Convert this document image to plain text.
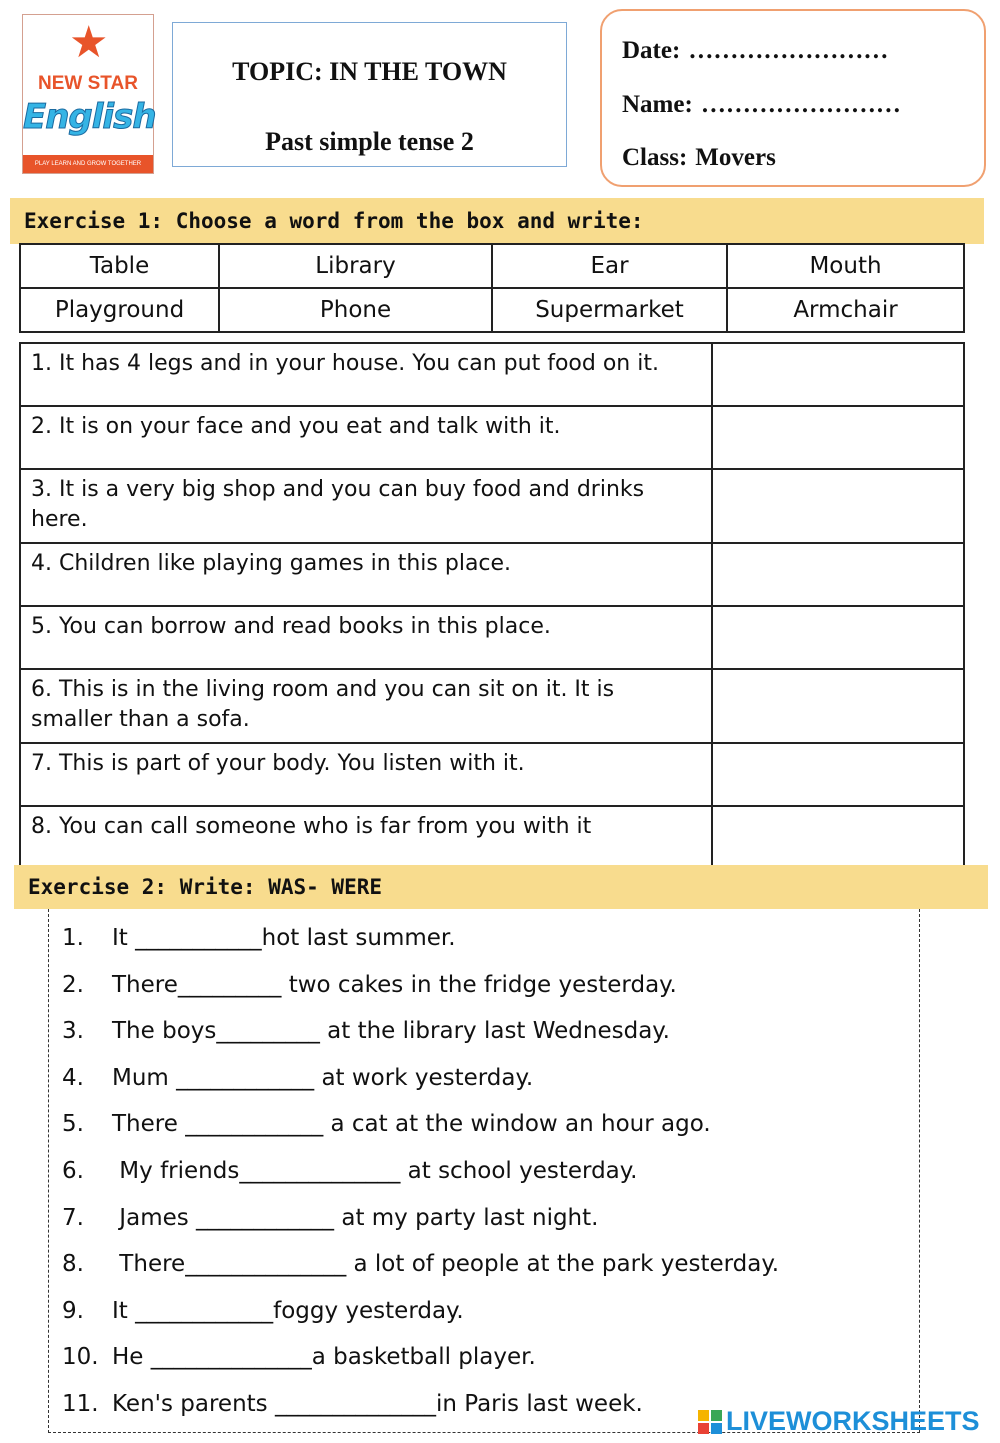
★
NEW STAR
English
PLAY LEARN AND GROW TOGETHER
TOPIC: IN THE TOWN
Past simple tense 2
Date: ……………………
Name: ……………………
Class: Movers
Exercise 1: Choose a word from the box and write:
Table	Library	Ear	Mouth
Playground	Phone	Supermarket	Armchair
1. It has 4 legs and in your house. You can put food on it.	
2. It is on your face and you eat and talk with it.	
3. It is a very big shop and you can buy food and drinks here.	
4. Children like playing games in this place.	
5. You can borrow and read books in this place.	
6. This is in the living room and you can sit on it. It is smaller than a sofa.	
7. This is part of your body. You listen with it.	
8. You can call someone who is far from you with it	
Exercise 2: Write: WAS- WERE
1. It ___________hot last summer.
2. There_________ two cakes in the fridge yesterday.
3. The boys_________ at the library last Wednesday.
4. Mum ____________ at work yesterday.
5. There ____________ a cat at the window an hour ago.
6. My friends______________ at school yesterday.
7. James ____________ at my party last night.
8. There______________ a lot of people at the park yesterday.
9. It ____________foggy yesterday.
10. He ______________a basketball player.
11. Ken's parents ______________in Paris last week.
LIVEWORKSHEETS
